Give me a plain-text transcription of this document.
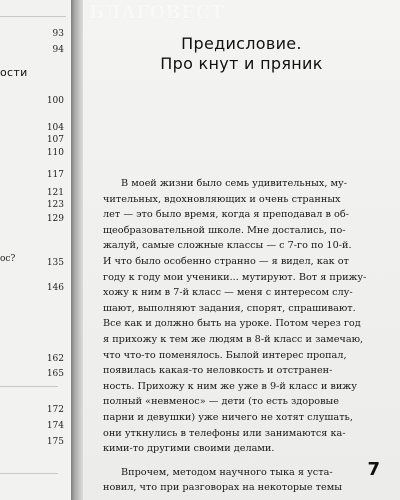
93
94
ости
100
104
107
110
117
121
123
129
ос?	135
146
162
165
172
174
175
БЛАГОВЕСТ
Предисловие.
Про кнут и пряник
В моей жизни было семь удивительных, му-
чительных, вдохновляющих и очень странных
лет — это было время, когда я преподавал в об-
щеобразовательной школе. Мне достались, по-
жалуй, самые сложные классы — с 7-го по 10-й.
И что было особенно странно — я видел, как от
году к году мои ученики... мутируют. Вот я прижу-
хожу к ним в 7-й класс — меня с интересом слу-
шают, выполняют задания, спорят, спрашивают.
Все как и должно быть на уроке. Потом через год
я прихожу к тем же людям в 8-й класс и замечаю,
что что-то поменялось. Былой интерес пропал,
появилась какая-то неловкость и отстранен-
ность. Прихожу к ним же уже в 9-й класс и вижу
полный «невменос» — дети (то есть здоровые
парни и девушки) уже ничего не хотят слушать,
они уткнулись в телефоны или занимаются ка-
кими-то другими своими делами.
Впрочем, методом научного тыка я уста-
новил, что при разговорах на некоторые темы
7
